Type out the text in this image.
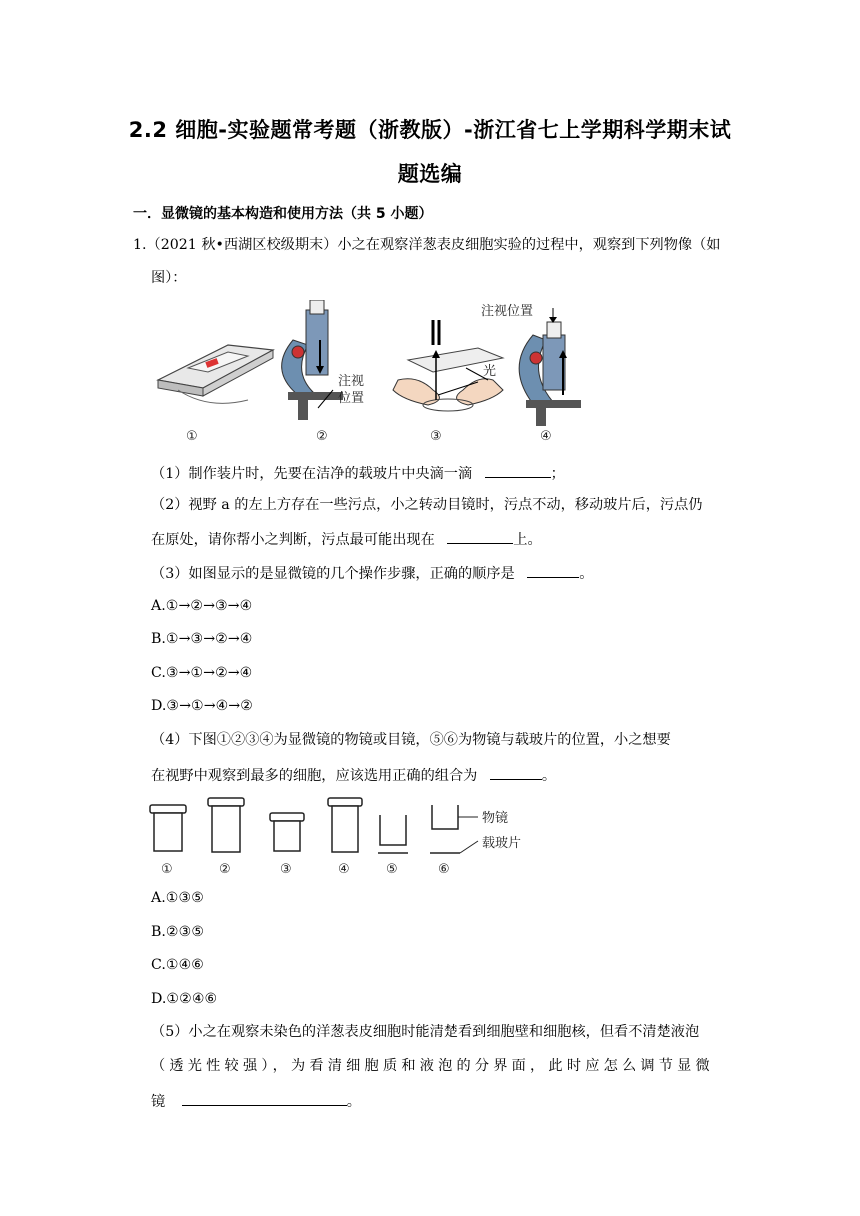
2.2 细胞-实验题常考题（浙教版）-浙江省七上学期科学期末试
题选编
一．显微镜的基本构造和使用方法（共 5 小题）
1.（2021 秋•西湖区校级期末）小之在观察洋葱表皮细胞实验的过程中，观察到下列物像（如
图）：
注视
位置
光
注视位置
①	②	③	④
（1）制作装片时，先要在洁净的载玻片中央滴一滴	；
（2）视野 a 的左上方存在一些污点，小之转动目镜时，污点不动，移动玻片后，污点仍
在原处，请你帮小之判断，污点最可能出现在	上。
（3）如图显示的是显微镜的几个操作步骤，正确的顺序是	。
A.①→②→③→④
B.①→③→②→④
C.③→①→②→④
D.③→①→④→②
（4）下图①②③④为显微镜的物镜或目镜，⑤⑥为物镜与载玻片的位置，小之想要
在视野中观察到最多的细胞，应该选用正确的组合为	。
物镜
载玻片
①	②	③	④	⑤	⑥
A.①③⑤
B.②③⑤
C.①④⑥
D.①②④⑥
（5）小之在观察未染色的洋葱表皮细胞时能清楚看到细胞壁和细胞核，但看不清楚液泡
（透光性较强），为看清细胞质和液泡的分界面，此时应怎么调节显微
镜	。
